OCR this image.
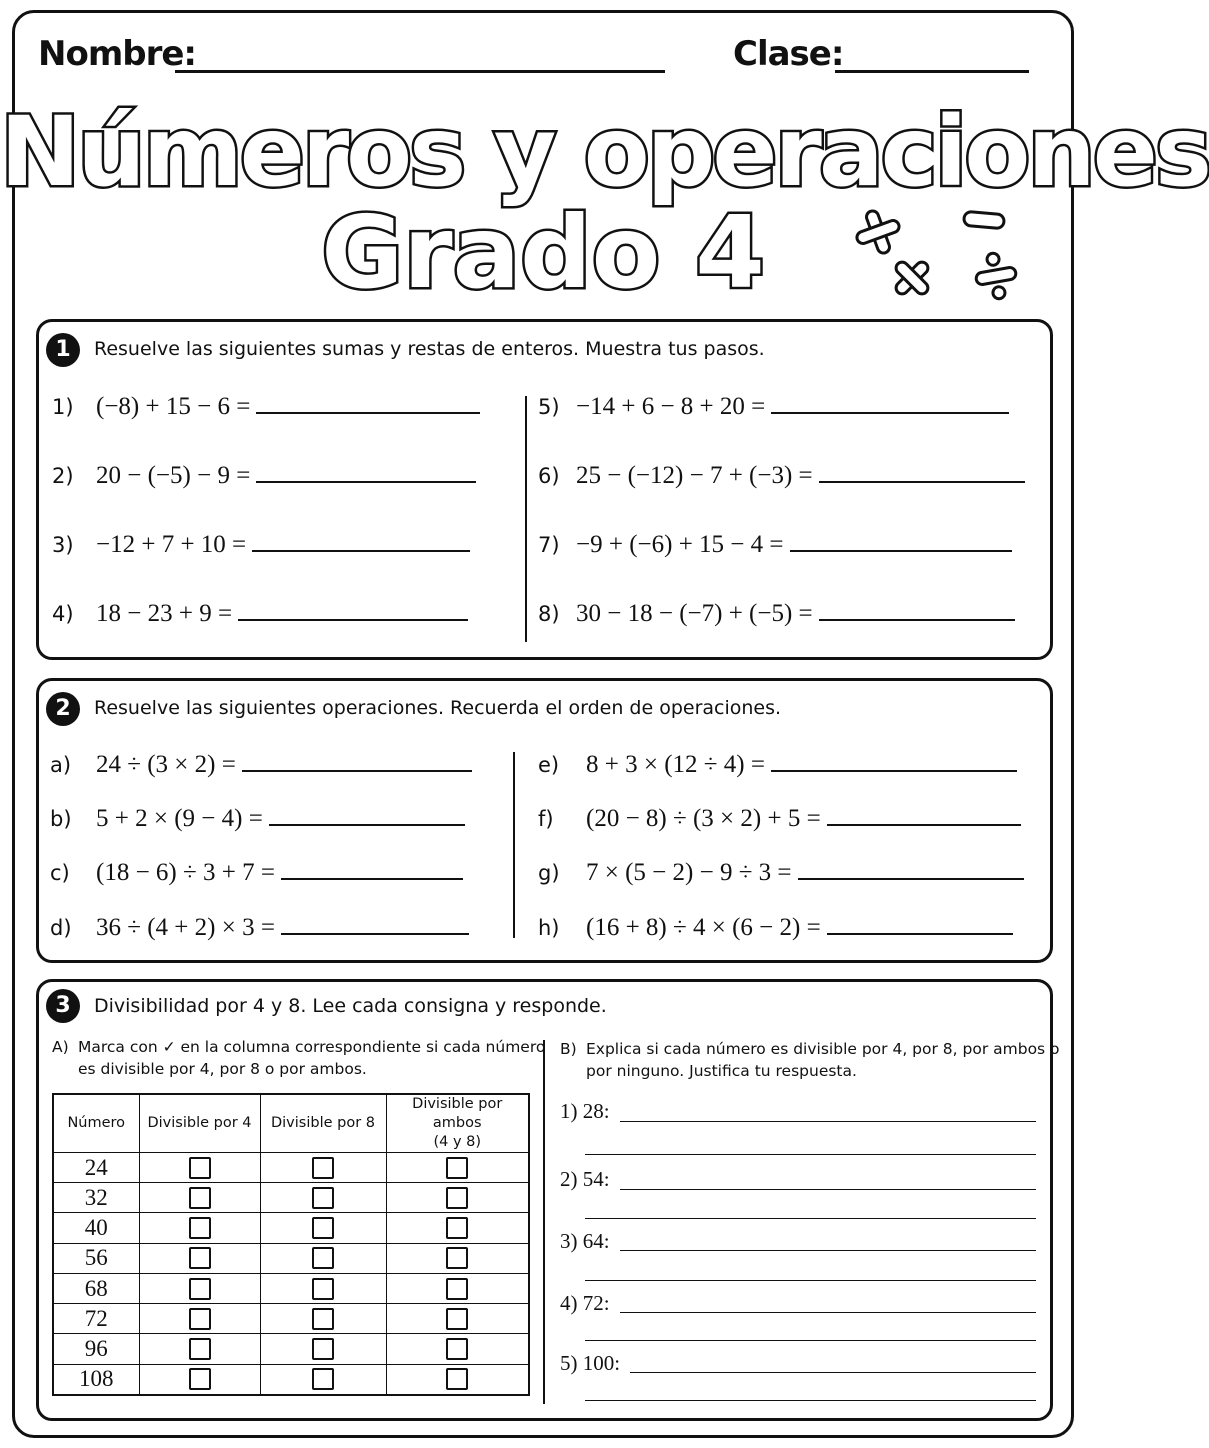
Nombre:	Clase:
Números y operaciones
Grado 4
1	Resuelve las siguientes sumas y restas de enteros. Muestra tus pasos.
1) (−8) + 15 − 6 =
2) 20 − (−5) − 9 =
3) −12 + 7 + 10 =
4) 18 − 23 + 9 =
5) −14 + 6 − 8 + 20 =
6) 25 − (−12) − 7 + (−3) =
7) −9 + (−6) + 15 − 4 =
8) 30 − 18 − (−7) + (−5) =
2	Resuelve las siguientes operaciones. Recuerda el orden de operaciones.
a) 24 ÷ (3 × 2) =
b) 5 + 2 × (9 − 4) =
c)	(18 − 6) ÷ 3 + 7 =
d) 36 ÷ (4 + 2) × 3 =
e)	8 + 3 × (12 ÷ 4) =
f)	(20 − 8) ÷ (3 × 2) + 5 =
g)	7 × (5 − 2) − 9 ÷ 3 =
h)	(16 + 8) ÷ 4 × (6 − 2) =
3	Divisibilidad por 4 y 8. Lee cada consigna y responde.
A) Marca con ✓ en la columna correspondiente si cada número
es divisible por 4, por 8 o por ambos.
Número	Divisible por 4	Divisible por 8	Divisible por ambos
(4 y 8)
24			
32			
40			
56			
68			
72			
96			
108			
B) Explica si cada número es divisible por 4, por 8, por ambos o
por ninguno. Justifica tu respuesta.
1) 28:
2) 54:
3) 64:
4) 72:
5) 100:
